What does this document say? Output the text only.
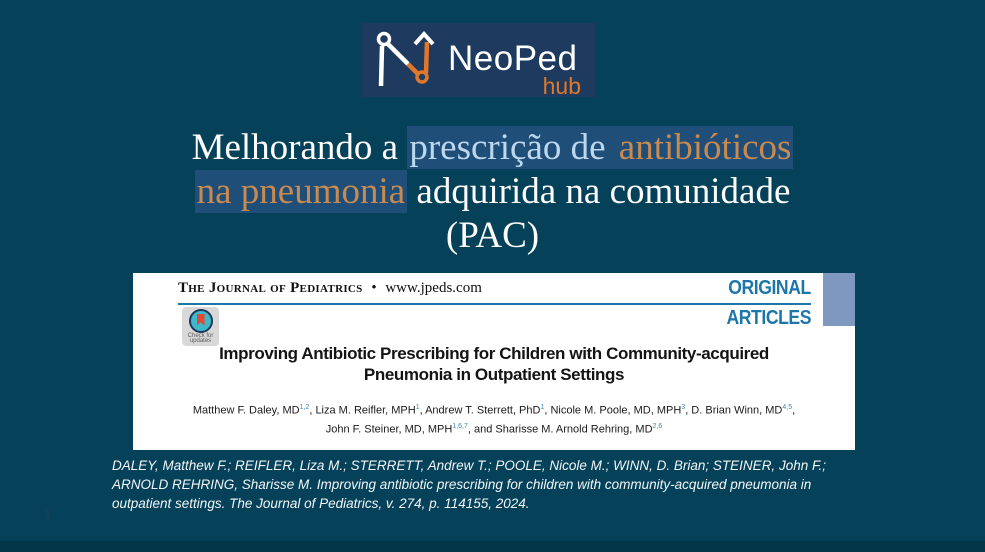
NeoPed
hub
Melhorando a prescrição de antibióticos
na pneumonia adquirida na comunidade
(PAC)
The Journal of Pediatrics • www.jpeds.com	ORIGINAL
ARTICLES
Check for updates
Improving Antibiotic Prescribing for Children with Community-acquired
Pneumonia in Outpatient Settings
Matthew F. Daley, MD$^{1,2}$, Liza M. Reifler, MPH$^1$, Andrew T. Sterrett, PhD$^1$, Nicole M. Poole, MD, MPH$^3$, D. Brian Winn, MD$^{4,5}$,
John F. Steiner, MD, MPH$^{1,6,7}$, and Sharisse M. Arnold Rehring, MD$^{2,6}$

DALEY, Matthew F.; REIFLER, Liza M.; STERRETT, Andrew T.; POOLE, Nicole M.; WINN, D. Brian; STEINER, John F.; ARNOLD REHRING, Sharisse M. Improving antibiotic prescribing for children with community-acquired pneumonia in outpatient settings. The Journal of Pediatrics, v. 274, p. 114155, 2024.

1
